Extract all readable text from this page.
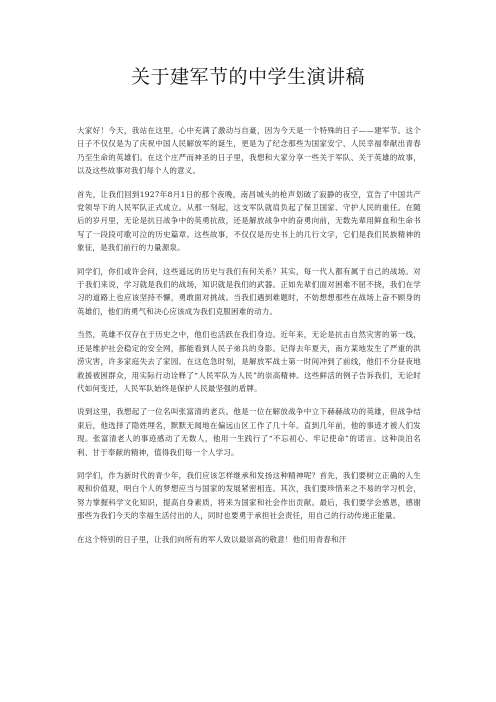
关于建军节的中学生演讲稿

大家好！今天，我站在这里，心中充满了激动与自豪，因为今天是一个特殊的日子——建军节。这个日子不仅仅是为了庆祝中国人民解放军的诞生，更是为了纪念那些为国家安宁、人民幸福奉献出青春乃至生命的英雄们。在这个庄严而神圣的日子里，我想和大家分享一些关于军队、关于英雄的故事，以及这些故事对我们每个人的意义。

首先，让我们回到1927年8月1日的那个夜晚，南昌城头的枪声划破了寂静的夜空，宣告了中国共产党领导下的人民军队正式成立。从那一刻起，这支军队就肩负起了保卫国家、守护人民的重任。在随后的岁月里，无论是抗日战争中的英勇抗敌，还是解放战争中的奋勇向前，无数先辈用鲜血和生命书写了一段段可歌可泣的历史篇章。这些故事，不仅仅是历史书上的几行文字，它们是我们民族精神的象征，是我们前行的力量源泉。

同学们，你们或许会问，这些遥远的历史与我们有何关系？其实，每一代人都有属于自己的战场。对于我们来说，学习就是我们的战场，知识就是我们的武器。正如先辈们面对困难不屈不挠，我们在学习的道路上也应该坚持不懈，勇敢面对挑战。当我们遇到难题时，不妨想想那些在战场上奋不顾身的英雄们，他们的勇气和决心应该成为我们克服困难的动力。

当然，英雄不仅存在于历史之中，他们也活跃在我们身边。近年来，无论是抗击自然灾害的第一线，还是维护社会稳定的安全网，都能看到人民子弟兵的身影。记得去年夏天，南方某地发生了严重的洪涝灾害，许多家庭失去了家园。在这危急时刻，是解放军战士第一时间冲到了前线，他们不分昼夜地救援被困群众，用实际行动诠释了“人民军队为人民”的崇高精神。这些鲜活的例子告诉我们，无论时代如何变迁，人民军队始终是保护人民最坚强的盾牌。

说到这里，我想起了一位名叫张富清的老兵。他是一位在解放战争中立下赫赫战功的英雄，但战争结束后，他选择了隐姓埋名，默默无闻地在偏远山区工作了几十年。直到几年前，他的事迹才被人们发现。张富清老人的事迹感动了无数人，他用一生践行了“不忘初心、牢记使命”的诺言。这种淡泊名利、甘于奉献的精神，值得我们每一个人学习。

同学们，作为新时代的青少年，我们应该怎样继承和发扬这种精神呢？首先，我们要树立正确的人生观和价值观，明白个人的梦想应当与国家的发展紧密相连。其次，我们要珍惜来之不易的学习机会，努力掌握科学文化知识，提高自身素质，将来为国家和社会作出贡献。最后，我们要学会感恩，感谢那些为我们今天的幸福生活付出的人，同时也要勇于承担社会责任，用自己的行动传递正能量。

在这个特别的日子里，让我们向所有的军人致以最崇高的敬意！他们用青春和汗
